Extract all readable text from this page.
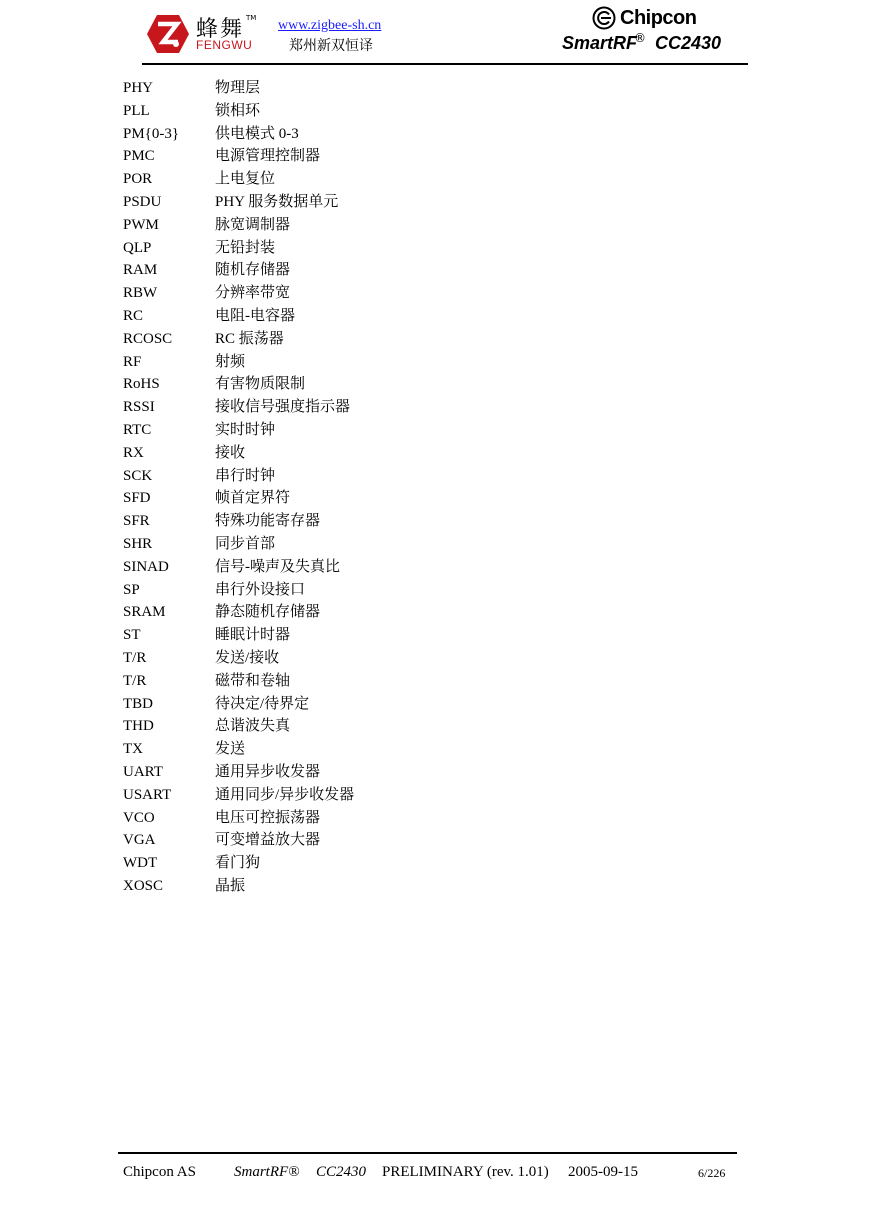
蜂舞 TM
FENGWU
www.zigbee-sh.cn
郑州新双恒译
Chipcon
SmartRF
® CC2430
PHY	物理层
PLL	锁相环
PM{0-3} 供电模式 0-3
PMC	电源管理控制器
POR	上电复位
PSDU	PHY 服务数据单元
PWM	脉宽调制器
QLP	无铅封装
RAM	随机存储器
RBW	分辨率带宽
RC	电阻-电容器
RCOSC	RC 振荡器
RF	射频
RoHS	有害物质限制
RSSI	接收信号强度指示器
RTC	实时时钟
RX	接收
SCK	串行时钟
SFD	帧首定界符
SFR	特殊功能寄存器
SHR	同步首部
SINAD	信号-噪声及失真比
SP	串行外设接口
SRAM	静态随机存储器
ST	睡眠计时器
T/R	发送/接收
T/R	磁带和卷轴
TBD	待决定/待界定
THD	总谐波失真
TX	发送
UART	通用异步收发器
USART	通用同步/异步收发器
VCO	电压可控振荡器
VGA	可变增益放大器
WDT	看门狗
XOSC	晶振
Chipcon AS	SmartRF® CC2430 PRELIMINARY (rev. 1.01) 2005-09-15	6/226
